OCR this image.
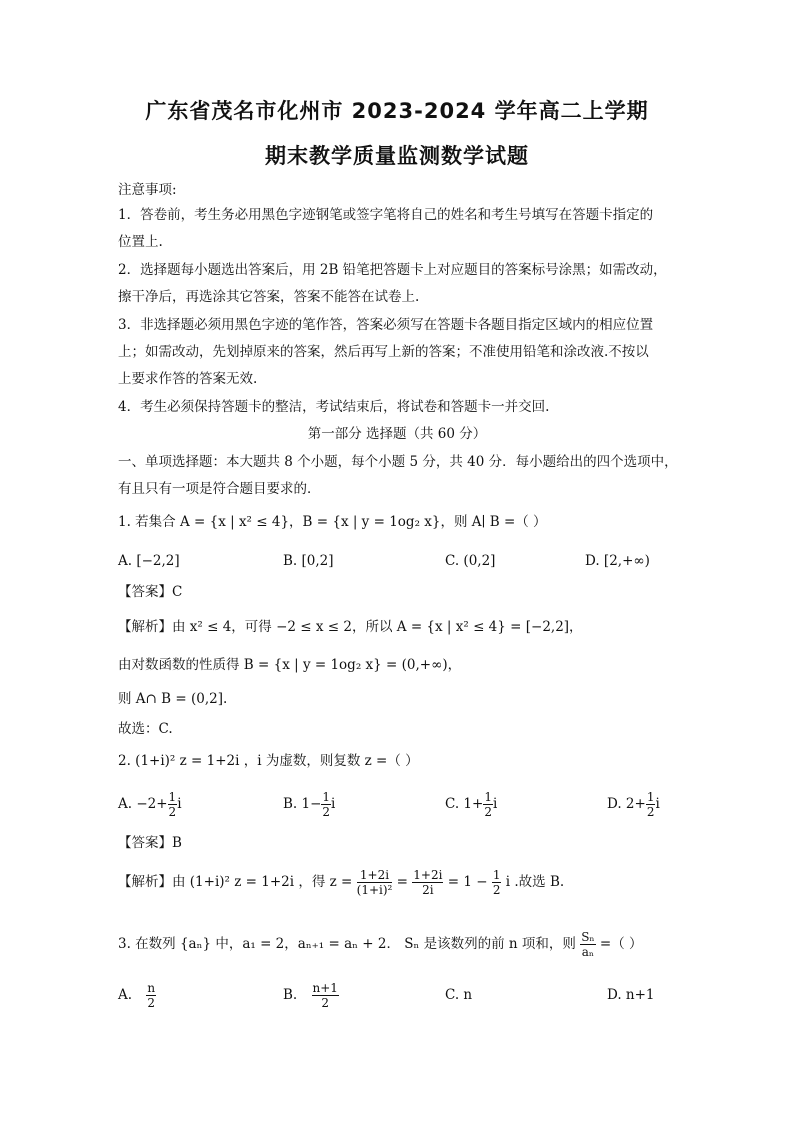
广东省茂名市化州市 2023-2024 学年高二上学期
期末教学质量监测数学试题
注意事项:
1．答卷前，考生务必用黑色字迹钢笔或签字笔将自己的姓名和考生号填写在答题卡指定的
位置上.
2．选择题每小题选出答案后，用 2B 铅笔把答题卡上对应题目的答案标号涂黑；如需改动，
擦干净后，再选涂其它答案，答案不能答在试卷上.
3．非选择题必须用黑色字迹的笔作答，答案必须写在答题卡各题目指定区域内的相应位置
上；如需改动，先划掉原来的答案，然后再写上新的答案；不准使用铅笔和涂改液.不按以
上要求作答的答案无效.
4．考生必须保持答题卡的整洁，考试结束后，将试卷和答题卡一并交回.
第一部分 选择题（共 60 分）
一、单项选择题：本大题共 8 个小题，每个小题 5 分，共 40 分．每小题给出的四个选项中，
有且只有一项是符合题目要求的．
1. 若集合 A = {x | x² ≤ 4}，B = {x | y = 1og₂ x}，则 A∣ B =（ ）
A. [−2,2]	B. [0,2]	C. (0,2]	D. [2,+∞)
【答案】C
【解析】由 x² ≤ 4，可得 −2 ≤ x ≤ 2，所以 A = {x | x² ≤ 4} = [−2,2]，
由对数函数的性质得 B = {x | y = 1og₂ x} = (0,+∞)，
则 A∩ B = (0,2].
故选：C.
2. (1+i)² z = 1+2i ，i 为虚数，则复数 z =（ ）
A. $-2+ \frac{1}{2}$ i	B. $1- \frac{1}{2}$ i	C. $1+ \frac{1}{2}$ i	D. $2+ \frac{1}{2}$ i
【答案】B
【解析】由 (1+i)² z = 1+2i ，得 $z = \frac{1+2i}{\text{(1+i)²}} = \frac{1+2i}{2i} = 1 - \frac{1}{2}$ i .故选 B.
3. 在数列 {aₙ} 中，a₁ = 2，aₙ₊₁ = aₙ + 2． Sₙ 是该数列的前 n 项和，则 $\frac{\text{Sₙ}}{\text{aₙ}}$ =（ ）
A. $\frac{n}{2}$	B. $\frac{n+1}{2}$	C. n	D. n+1
